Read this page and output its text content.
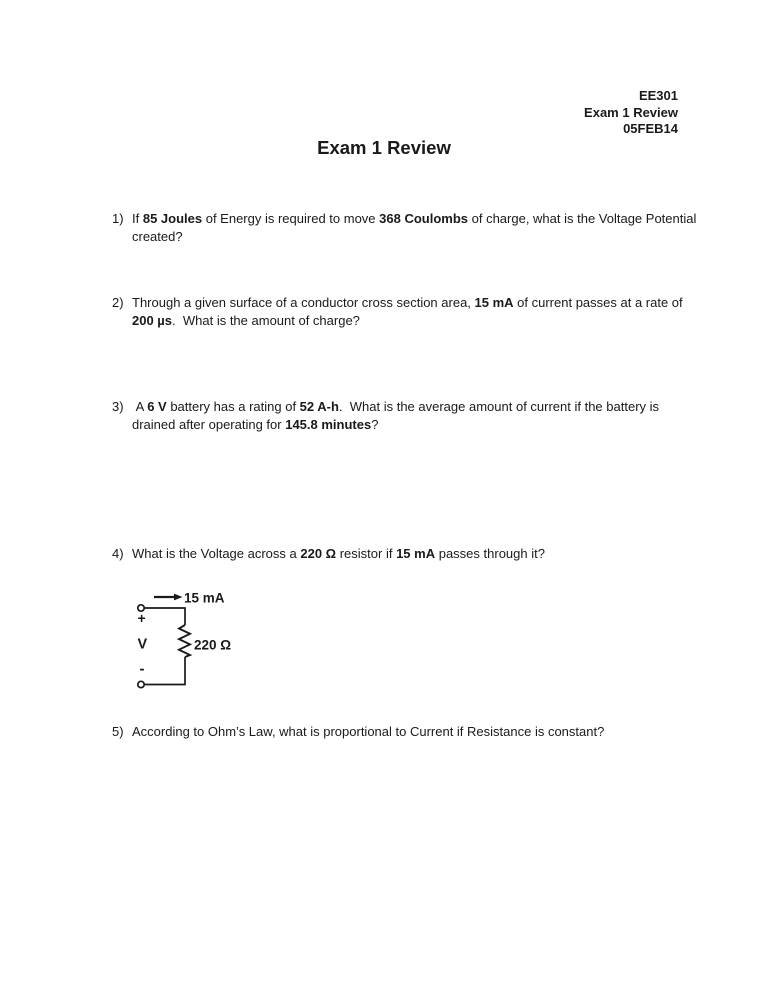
EE301
Exam 1 Review
05FEB14
Exam 1 Review
1) If 85 Joules of Energy is required to move 368 Coulombs of charge, what is the Voltage Potential
created?
2) Through a given surface of a conductor cross section area, 15 mA of current passes at a rate of
200 µs.  What is the amount of charge?
3) A 6 V battery has a rating of 52 A-h.  What is the average amount of current if the battery is
drained after operating for 145.8 minutes?
4) What is the Voltage across a 220 Ω resistor if 15 mA passes through it?
15 mA
+
V
-
220 Ω
5) According to Ohm’s Law, what is proportional to Current if Resistance is constant?
